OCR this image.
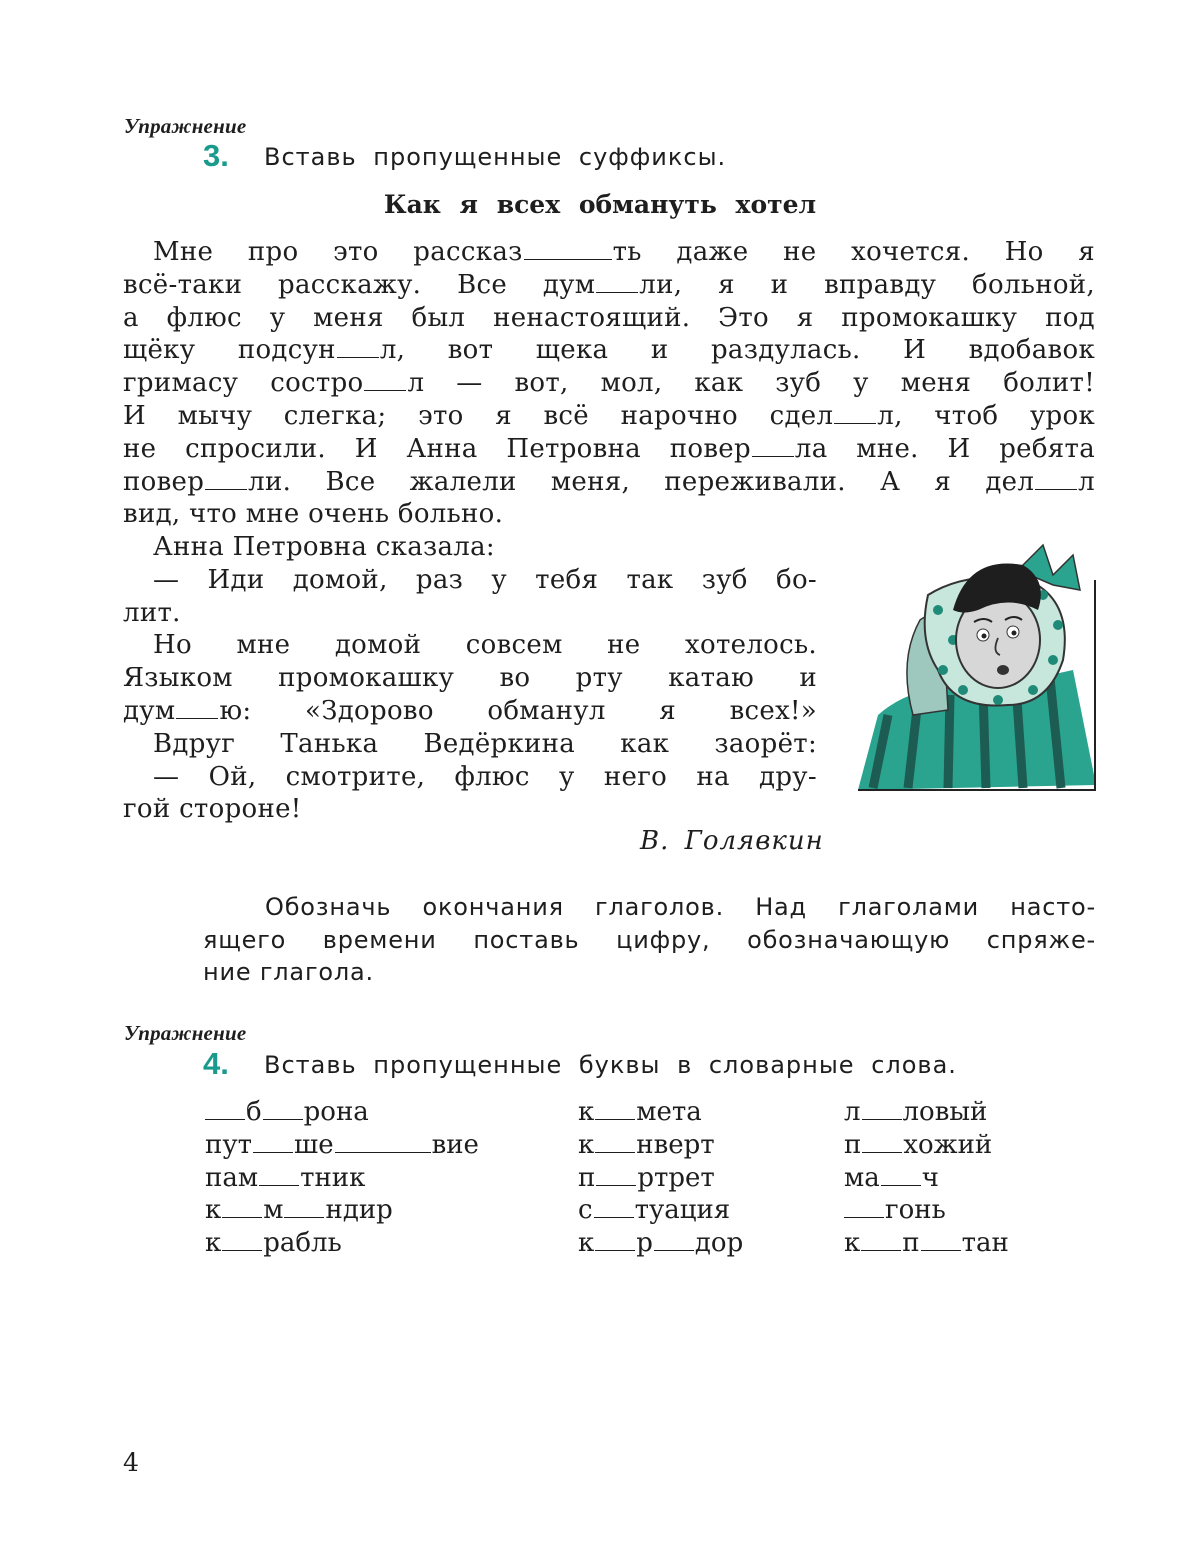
Упражнение
3. Вставь пропущенные суффиксы.
Как я всех обмануть хотел
Мне про это рассказ	ть даже не хочется. Но я
всё-таки расскажу. Все дум ли, я и вправду больной,
а флюс у меня был ненастоящий. Это я промокашку под
щёку подсун л, вот щека и раздулась. И вдобавок
гримасу состро л — вот, мол, как зуб у меня болит!
И мычу слегка; это я всё нарочно сдел л, чтоб урок
не спросили. И Анна Петровна повер ла мне. И ребята
повер ли. Все жалели меня, переживали. А я дел л
вид, что мне очень больно.
Анна Петровна сказала:
— Иди домой, раз у тебя так зуб бо-
лит.
Но мне домой совсем не хотелось.
Языком промокашку во рту катаю и
дум ю: «Здорово обманул я всех!»
Вдруг Танька Ведёркина как заорёт:
— Ой, смотрите, флюс у него на дру-
гой стороне!
В. Голявкин
Обозначь окончания глаголов. Над глаголами насто-
ящего времени поставь цифру, обозначающую спряже-
ние глагола.
Упражнение
4. Вставь пропущенные буквы в словарные слова.
б рона
пут ше	вие
пам тник
к м ндир
к рабль
к мета
к нверт
п ртрет
с туация
к р дор
л ловый
п хожий
ма ч
гонь
к п тан
4
